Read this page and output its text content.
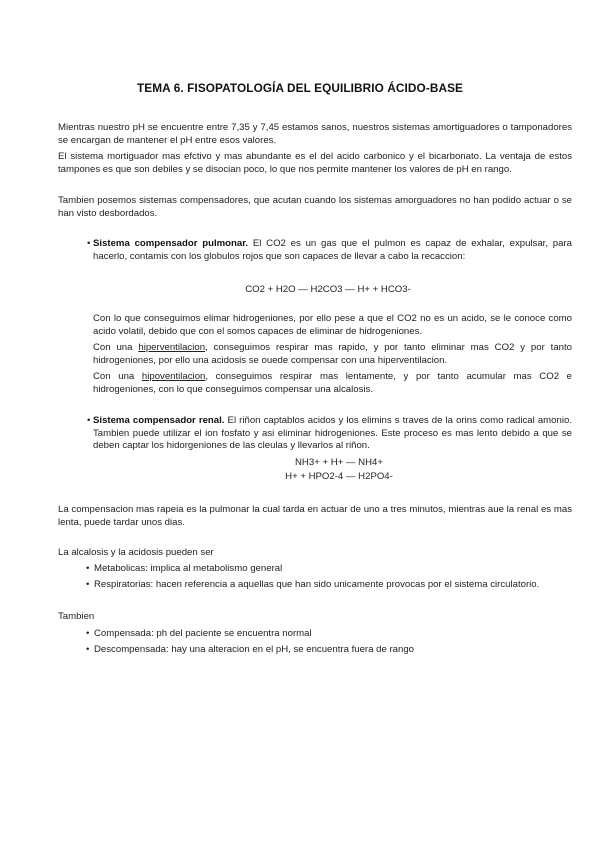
TEMA 6. FISOPATOLOGÍA DEL EQUILIBRIO ÁCIDO-BASE
Mientras nuestro pH se encuentre entre 7,35 y 7,45 estamos sanos, nuestros sistemas amortiguadores o tamponadores se encargan de mantener el pH entre esos valores.
El sistema mortiguador mas efctivo y mas abundante es el del acido carbonico y el bicarbonato. La ventaja de estos tampones es que son debiles y se disocian poco, lo que nos permite mantener los valores de pH en rango.
Tambien posemos sistemas compensadores, que acutan cuando los sistemas amorguadores no han podido actuar o se han visto desbordados.
• Sistema compensador pulmonar. El CO2 es un gas que el pulmon es capaz de exhalar, expulsar, para hacerlo, contamis con los globulos rojos que son capaces de llevar a cabo la recaccion:
CO2 + H2O — H2CO3 — H+ + HCO3-
Con lo que conseguimos elimar hidrogeniones, por ello pese a que el CO2 no es un acido, se le conoce como acido volatil, debido que con el somos capaces de eliminar de hidrogeniones.
Con una hiperventilacion, conseguimos respirar mas rapido, y por tanto eliminar mas CO2 y por tanto hidrogeniones, por ello una acidosis se ouede compensar con una hiperventilacion.
Con una hipoventilacion, conseguimos respirar mas lentamente, y por tanto acumular mas CO2 e hidrogeniones, con lo que conseguimos compensar una alcalosis.
• Sistema compensador renal. El riñon captablos acidos y los elimins s traves de la orins como radical amonio. Tambien puede utilizar el ion fosfato y asi eliminar hidrogeniones. Este proceso es mas lento debido a que se deben captar los hidorgeniones de las cleulas y llevarlos al riñon.
NH3+ + H+ — NH4+
H+ + HPO2-4 — H2PO4-
La compensacion mas rapeia es la pulmonar la cual tarda en actuar de uno a tres minutos, mientras aue la renal es mas lenta, puede tardar unos dias.
La alcalosis y la acidosis pueden ser
• Metabolicas: implica al metabolismo general
• Respiratorias: hacen referencia a aquellas que han sido unicamente provocas por el sistema circulatorio.
Tambien
• Compensada: ph del paciente se encuentra normal
• Descompensada: hay una alteracion en el pH, se encuentra fuera de rango
